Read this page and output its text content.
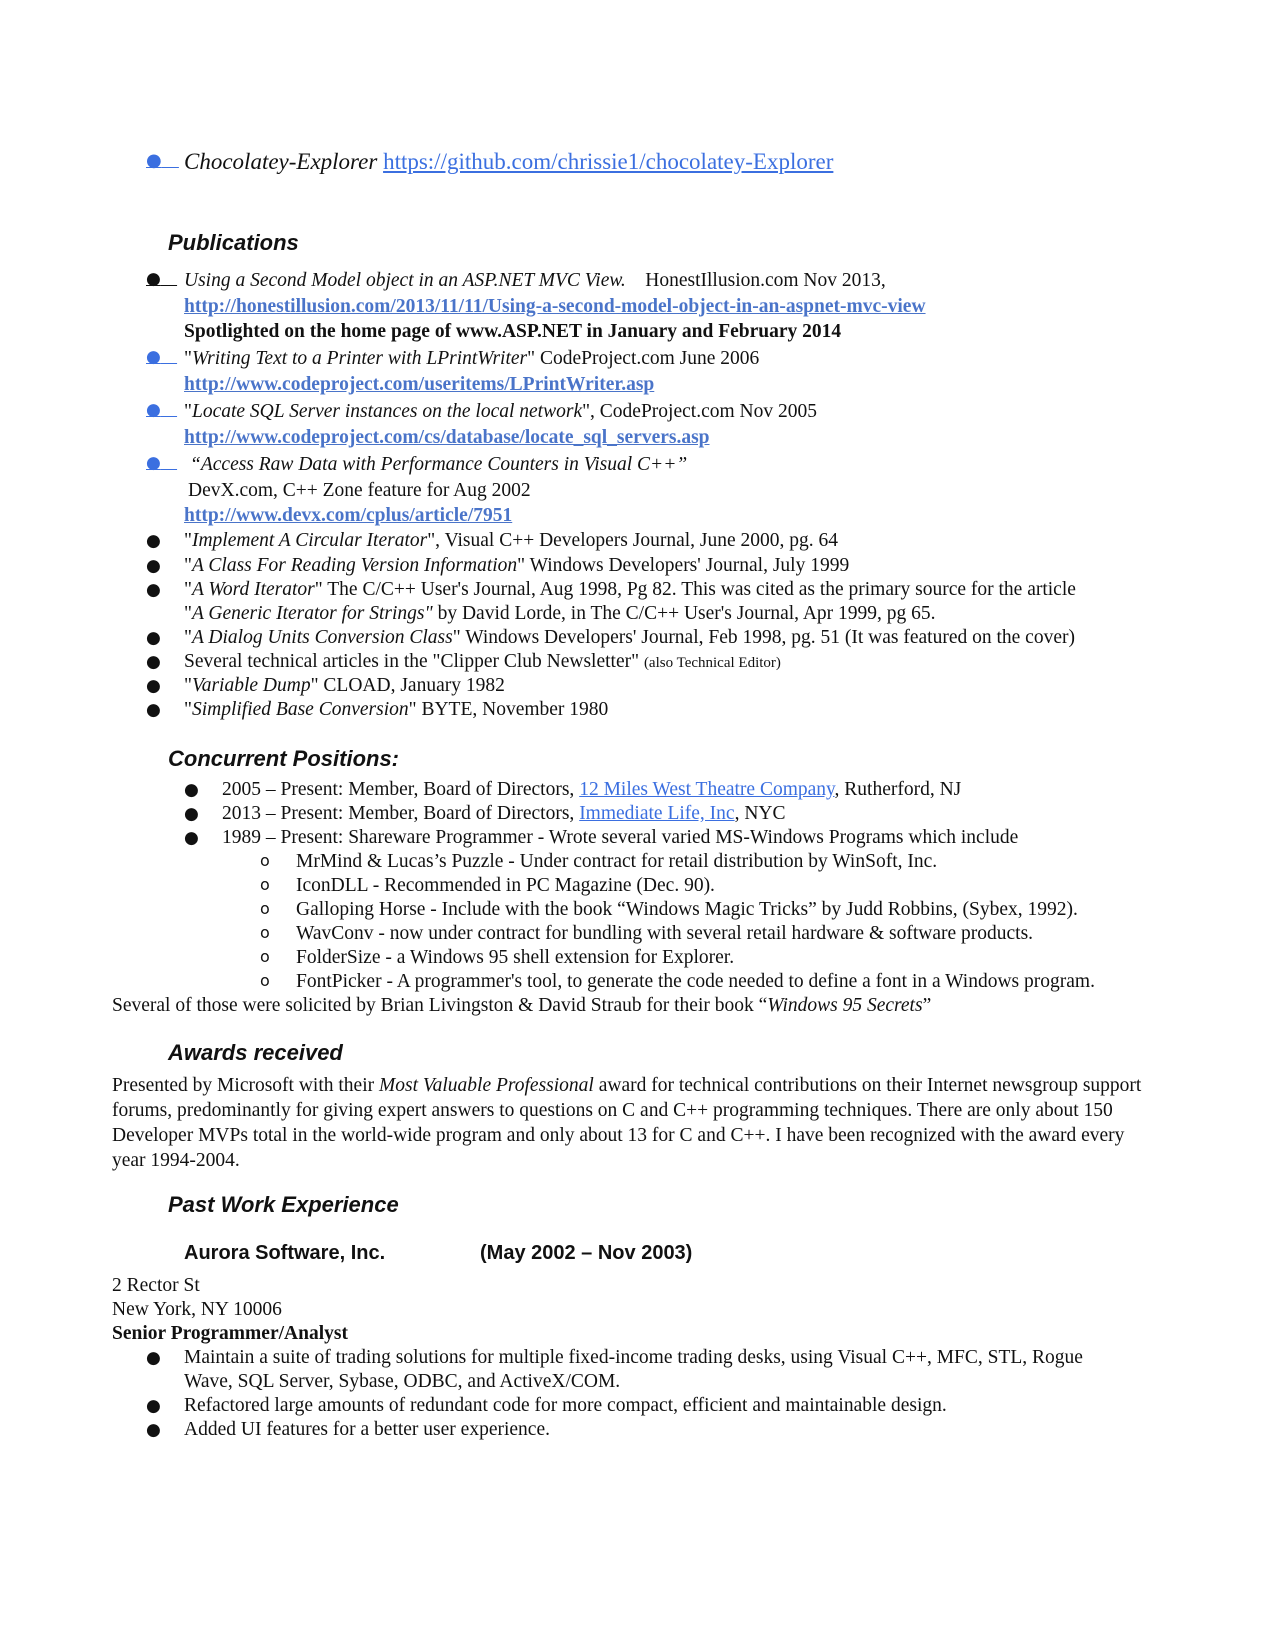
● Chocolatey-Explorer https://github.com/chrissie1/chocolatey-Explorer
Publications
●	Using a Second Model object in an ASP.NET MVC View. HonestIllusion.com Nov 2013,
http://honestillusion.com/2013/11/11/Using-a-second-model-object-in-an-aspnet-mvc-view
Spotlighted on the home page of www.ASP.NET in January and February 2014
●	"Writing Text to a Printer with LPrintWriter" CodeProject.com June 2006
http://www.codeproject.com/useritems/LPrintWriter.asp
●	"Locate SQL Server instances on the local network", CodeProject.com Nov 2005
http://www.codeproject.com/cs/database/locate_sql_servers.asp
●	“Access Raw Data with Performance Counters in Visual C++”
DevX.com, C++ Zone feature for Aug 2002
http://www.devx.com/cplus/article/7951
● "Implement A Circular Iterator", Visual C++ Developers Journal, June 2000, pg. 64
● "A Class For Reading Version Information" Windows Developers' Journal, July 1999
● "A Word Iterator" The C/C++ User's Journal, Aug 1998, Pg 82. This was cited as the primary source for the article
"A Generic Iterator for Strings" by David Lorde, in The C/C++ User's Journal, Apr 1999, pg 65.
● "A Dialog Units Conversion Class" Windows Developers' Journal, Feb 1998, pg. 51 (It was featured on the cover)
● Several technical articles in the "Clipper Club Newsletter" (also Technical Editor)
● "Variable Dump" CLOAD, January 1982
● "Simplified Base Conversion" BYTE, November 1980
Concurrent Positions:
● 2005 – Present: Member, Board of Directors, 12 Miles West Theatre Company, Rutherford, NJ
● 2013 – Present: Member, Board of Directors, Immediate Life, Inc, NYC
● 1989 – Present: Shareware Programmer - Wrote several varied MS-Windows Programs which include
o MrMind & Lucas’s Puzzle - Under contract for retail distribution by WinSoft, Inc.
o IconDLL - Recommended in PC Magazine (Dec. 90).
o Galloping Horse - Include with the book “Windows Magic Tricks” by Judd Robbins, (Sybex, 1992).
o WavConv - now under contract for bundling with several retail hardware & software products.
o FolderSize - a Windows 95 shell extension for Explorer.
o FontPicker - A programmer's tool, to generate the code needed to define a font in a Windows program.
Several of those were solicited by Brian Livingston & David Straub for their book “Windows 95 Secrets”
Awards received
Presented by Microsoft with their Most Valuable Professional award for technical contributions on their Internet newsgroup support forums, predominantly for giving expert answers to questions on C and C++ programming techniques. There are only about 150 Developer MVPs total in the world-wide program and only about 13 for C and C++. I have been recognized with the award every year 1994-2004.
Past Work Experience
Aurora Software, Inc.	(May 2002 – Nov 2003)
2 Rector St
New York, NY 10006
Senior Programmer/Analyst
● Maintain a suite of trading solutions for multiple fixed-income trading desks, using Visual C++, MFC, STL, Rogue
Wave, SQL Server, Sybase, ODBC, and ActiveX/COM.
● Refactored large amounts of redundant code for more compact, efficient and maintainable design.
● Added UI features for a better user experience.
